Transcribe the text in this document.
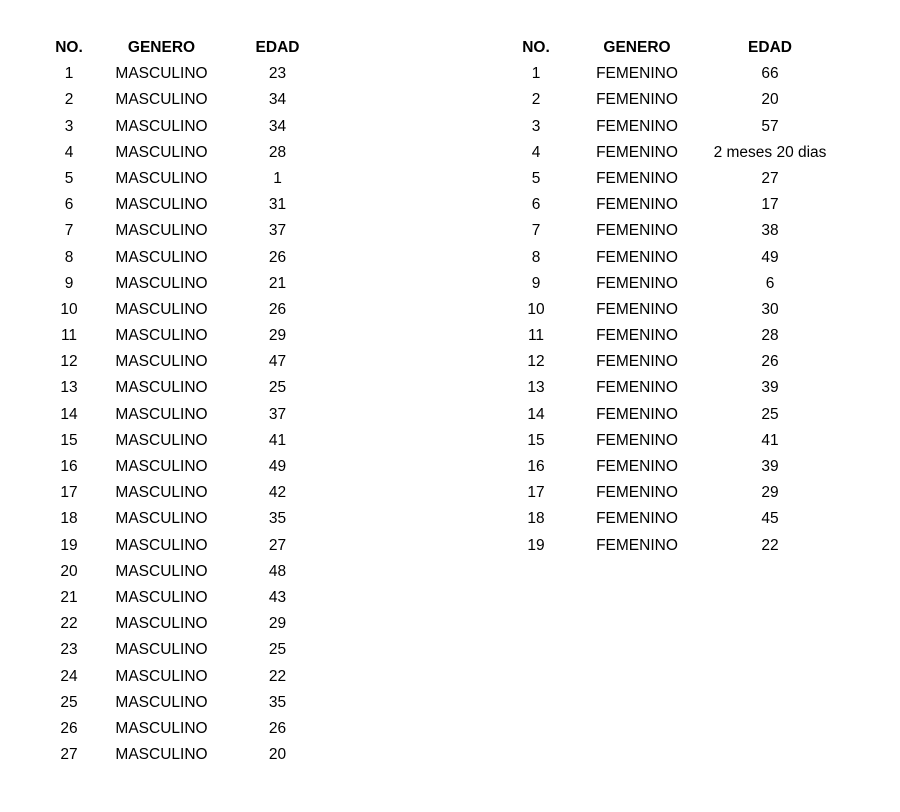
NO.	GENERO	EDAD
1	MASCULINO	23
2	MASCULINO	34
3	MASCULINO	34
4	MASCULINO	28
5	MASCULINO	1
6	MASCULINO	31
7	MASCULINO	37
8	MASCULINO	26
9	MASCULINO	21
10	MASCULINO	26
11	MASCULINO	29
12	MASCULINO	47
13	MASCULINO	25
14	MASCULINO	37
15	MASCULINO	41
16	MASCULINO	49
17	MASCULINO	42
18	MASCULINO	35
19	MASCULINO	27
20	MASCULINO	48
21	MASCULINO	43
22	MASCULINO	29
23	MASCULINO	25
24	MASCULINO	22
25	MASCULINO	35
26	MASCULINO	26
27	MASCULINO	20
NO.	GENERO	EDAD
1	FEMENINO	66
2	FEMENINO	20
3	FEMENINO	57
4	FEMENINO	2 meses 20 dias
5	FEMENINO	27
6	FEMENINO	17
7	FEMENINO	38
8	FEMENINO	49
9	FEMENINO	6
10	FEMENINO	30
11	FEMENINO	28
12	FEMENINO	26
13	FEMENINO	39
14	FEMENINO	25
15	FEMENINO	41
16	FEMENINO	39
17	FEMENINO	29
18	FEMENINO	45
19	FEMENINO	22
